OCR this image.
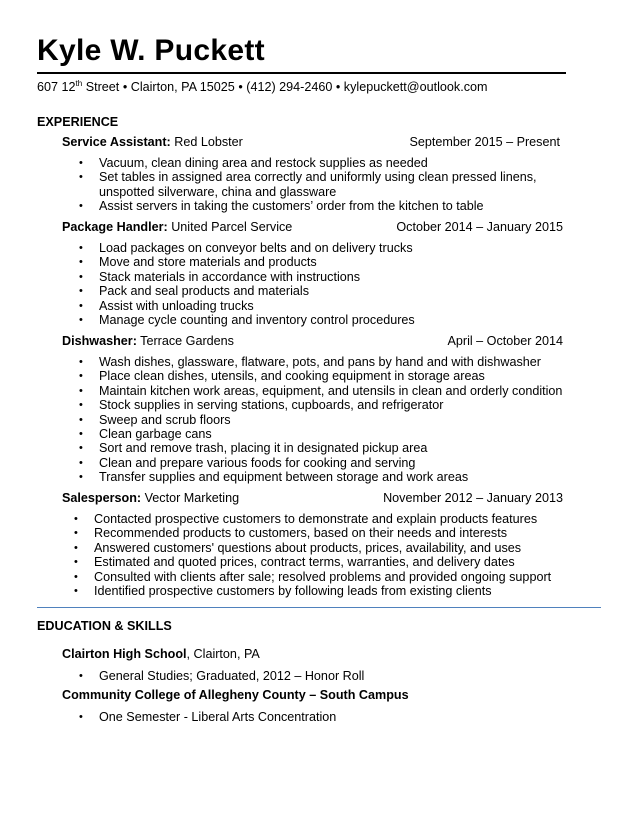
Kyle W. Puckett
607 12th Street • Clairton, PA 15025 • (412) 294-2460 • kylepuckett@outlook.com
EXPERIENCE
Service Assistant: Red Lobster	September 2015 – Present
• Vacuum, clean dining area and restock supplies as needed
• Set tables in assigned area correctly and uniformly using clean pressed linens, unspotted silverware, china and glassware
• Assist servers in taking the customers’ order from the kitchen to table
Package Handler: United Parcel Service	October 2014 – January 2015
• Load packages on conveyor belts and on delivery trucks
• Move and store materials and products
• Stack materials in accordance with instructions
• Pack and seal products and materials
• Assist with unloading trucks
• Manage cycle counting and inventory control procedures
Dishwasher: Terrace Gardens	April – October 2014
• Wash dishes, glassware, flatware, pots, and pans by hand and with dishwasher
• Place clean dishes, utensils, and cooking equipment in storage areas
• Maintain kitchen work areas, equipment, and utensils in clean and orderly condition
• Stock supplies in serving stations, cupboards, and refrigerator
• Sweep and scrub floors
• Clean garbage cans
• Sort and remove trash, placing it in designated pickup area
• Clean and prepare various foods for cooking and serving
• Transfer supplies and equipment between storage and work areas
Salesperson: Vector Marketing	November 2012 – January 2013
• Contacted prospective customers to demonstrate and explain products features
• Recommended products to customers, based on their needs and interests
• Answered customers' questions about products, prices, availability, and uses
• Estimated and quoted prices, contract terms, warranties, and delivery dates
• Consulted with clients after sale; resolved problems and provided ongoing support
• Identified prospective customers by following leads from existing clients
EDUCATION & SKILLS
Clairton High School, Clairton, PA
• General Studies; Graduated, 2012 – Honor Roll
Community College of Allegheny County – South Campus
• One Semester - Liberal Arts Concentration
